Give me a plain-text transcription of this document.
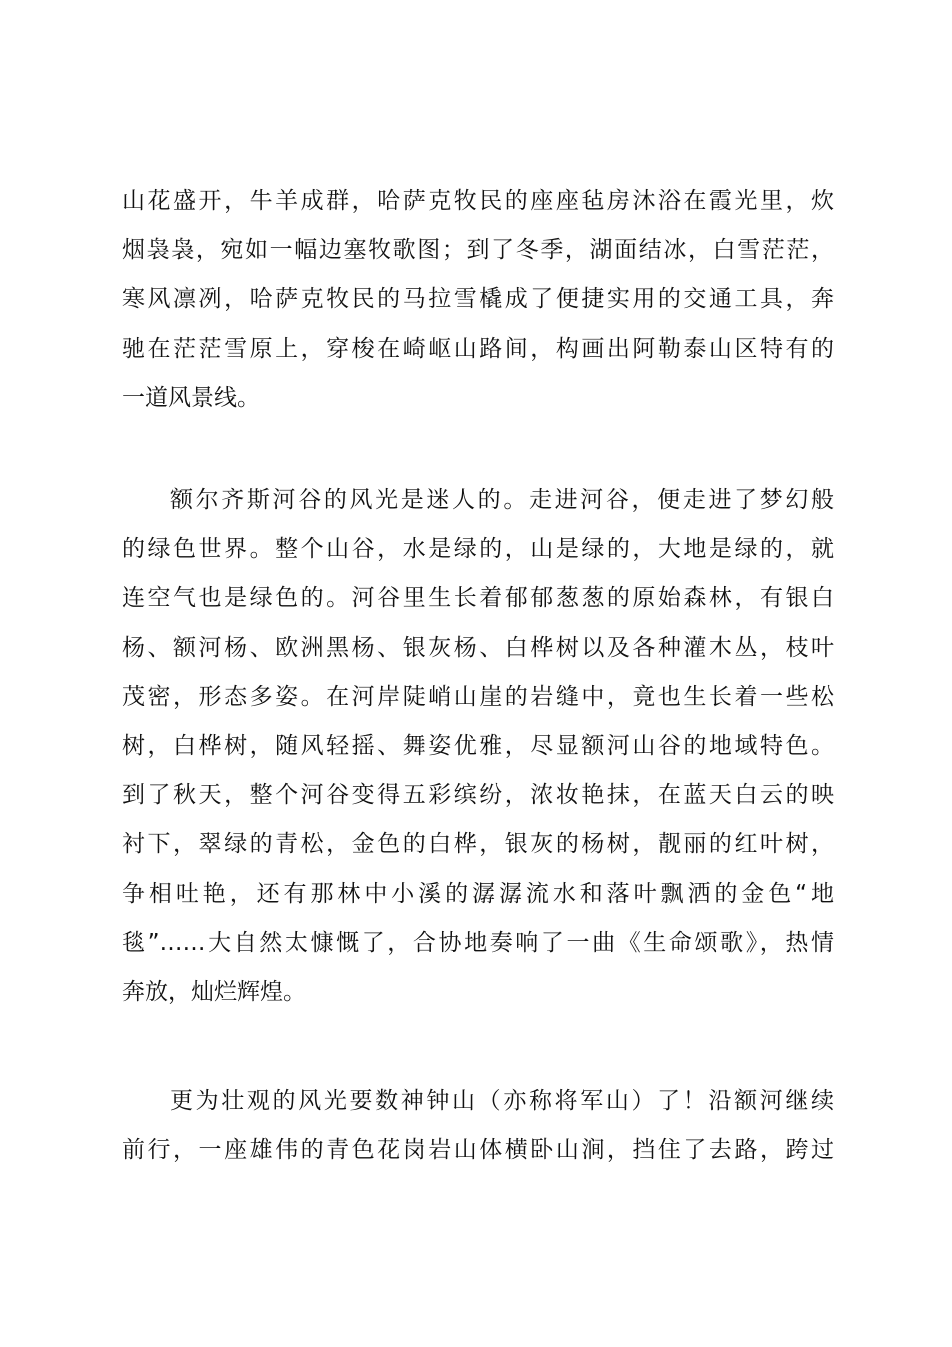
山花盛开，牛羊成群，哈萨克牧民的座座毡房沐浴在霞光里，炊
烟袅袅，宛如一幅边塞牧歌图；到了冬季，湖面结冰，白雪茫茫，
寒风凛冽，哈萨克牧民的马拉雪橇成了便捷实用的交通工具，奔
驰在茫茫雪原上，穿梭在崎岖山路间，构画出阿勒泰山区特有的
一道风景线。
额尔齐斯河谷的风光是迷人的。走进河谷，便走进了梦幻般
的绿色世界。整个山谷，水是绿的，山是绿的，大地是绿的，就
连空气也是绿色的。河谷里生长着郁郁葱葱的原始森林，有银白
杨、额河杨、欧洲黑杨、银灰杨、白桦树以及各种灌木丛，枝叶
茂密，形态多姿。在河岸陡峭山崖的岩缝中，竟也生长着一些松
树，白桦树，随风轻摇、舞姿优雅，尽显额河山谷的地域特色。
到了秋天，整个河谷变得五彩缤纷，浓妆艳抹，在蓝天白云的映
衬下，翠绿的青松，金色的白桦，银灰的杨树，靓丽的红叶树，
争相吐艳，还有那林中小溪的潺潺流水和落叶飘洒的金色“地
毯”……大自然太慷慨了，合协地奏响了一曲《生命颂歌》，热情
奔放，灿烂辉煌。
更为壮观的风光要数神钟山（亦称将军山）了！沿额河继续
前行，一座雄伟的青色花岗岩山体横卧山涧，挡住了去路，跨过
